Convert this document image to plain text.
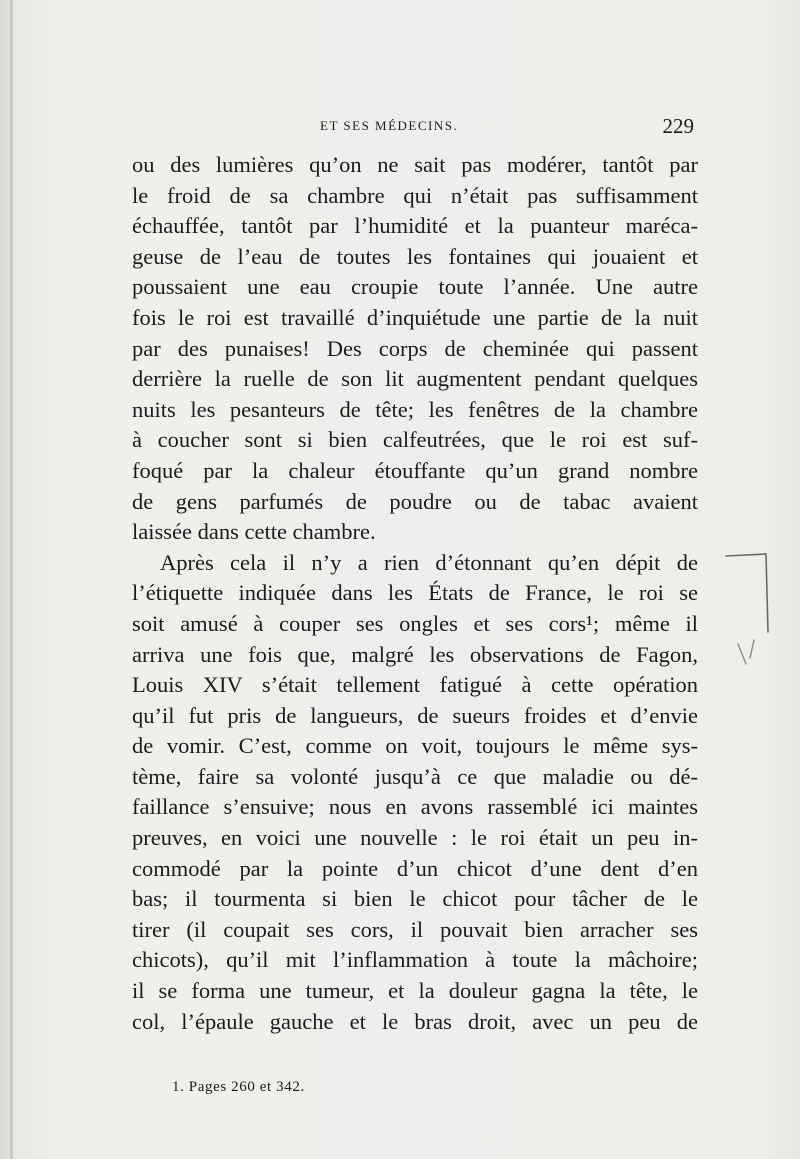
ET SES MÉDECINS.	229
ou des lumières qu’on ne sait pas modérer, tantôt par
le froid de sa chambre qui n’était pas suffisamment
échauffée, tantôt par l’humidité et la puanteur maréca-
geuse de l’eau de toutes les fontaines qui jouaient et
poussaient une eau croupie toute l’année. Une autre
fois le roi est travaillé d’inquiétude une partie de la nuit
par des punaises! Des corps de cheminée qui passent
derrière la ruelle de son lit augmentent pendant quelques
nuits les pesanteurs de tête; les fenêtres de la chambre
à coucher sont si bien calfeutrées, que le roi est suf-
foqué par la chaleur étouffante qu’un grand nombre
de gens parfumés de poudre ou de tabac avaient
laissée dans cette chambre.
Après cela il n’y a rien d’étonnant qu’en dépit de
l’étiquette indiquée dans les États de France, le roi se
soit amusé à couper ses ongles et ses cors¹; même il
arriva une fois que, malgré les observations de Fagon,
Louis XIV s’était tellement fatigué à cette opération
qu’il fut pris de langueurs, de sueurs froides et d’envie
de vomir. C’est, comme on voit, toujours le même sys-
tème, faire sa volonté jusqu’à ce que maladie ou dé-
faillance s’ensuive; nous en avons rassemblé ici maintes
preuves, en voici une nouvelle : le roi était un peu in-
commodé par la pointe d’un chicot d’une dent d’en
bas; il tourmenta si bien le chicot pour tâcher de le
tirer (il coupait ses cors, il pouvait bien arracher ses
chicots), qu’il mit l’inflammation à toute la mâchoire;
il se forma une tumeur, et la douleur gagna la tête, le
col, l’épaule gauche et le bras droit, avec un peu de
1. Pages 260 et 342.
